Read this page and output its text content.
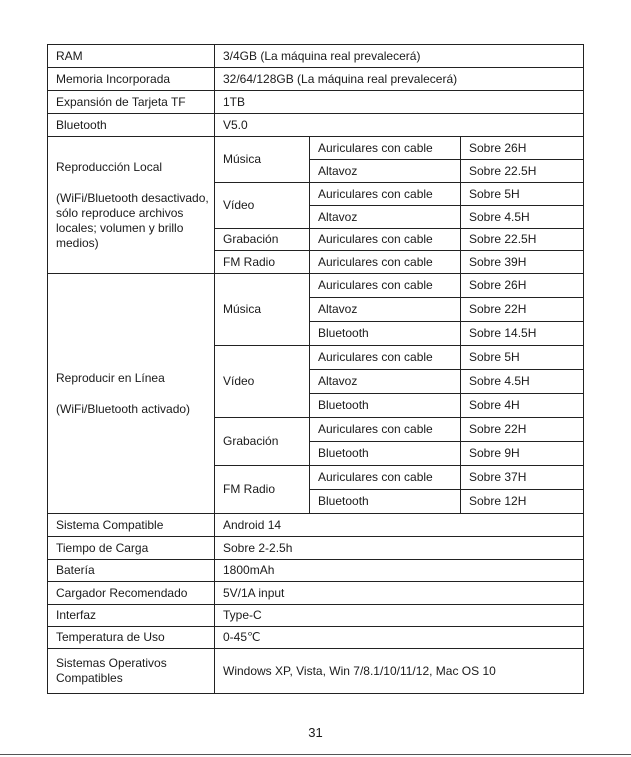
RAM	3/4GB (La máquina real prevalecerá)		
Memoria Incorporada	32/64/128GB (La máquina real prevalecerá)		
Expansión de Tarjeta TF	1TB		
Bluetooth	V5.0		

Reproducción Local
(WiFi/Bluetooth desactivado, sólo reproduce archivos locales; volumen y brillo medios)	Música	Auriculares con cable	Sobre 26H
		Altavoz	Sobre 22.5H
	Vídeo	Auriculares con cable	Sobre 5H
		Altavoz	Sobre 4.5H
	Grabación	Auriculares con cable	Sobre 22.5H
	FM Radio	Auriculares con cable	Sobre 39H

Reproducir en Línea
(WiFi/Bluetooth activado)	Música	Auriculares con cable	Sobre 26H
		Altavoz	Sobre 22H
		Bluetooth	Sobre 14.5H
	Vídeo	Auriculares con cable	Sobre 5H
		Altavoz	Sobre 4.5H
		Bluetooth	Sobre 4H
	Grabación	Auriculares con cable	Sobre 22H
		Bluetooth	Sobre 9H
	FM Radio	Auriculares con cable	Sobre 37H
		Bluetooth	Sobre 12H
Sistema Compatible	Android 14		
Tiempo de Carga	Sobre 2-2.5h		
Batería	1800mAh		
Cargador Recomendado	5V/1A input		
Interfaz	Type-C		
Temperatura de Uso	0-45℃		
Sistemas Operativos Compatibles	Windows XP, Vista, Win 7/8.1/10/11/12, Mac OS 10		
31
